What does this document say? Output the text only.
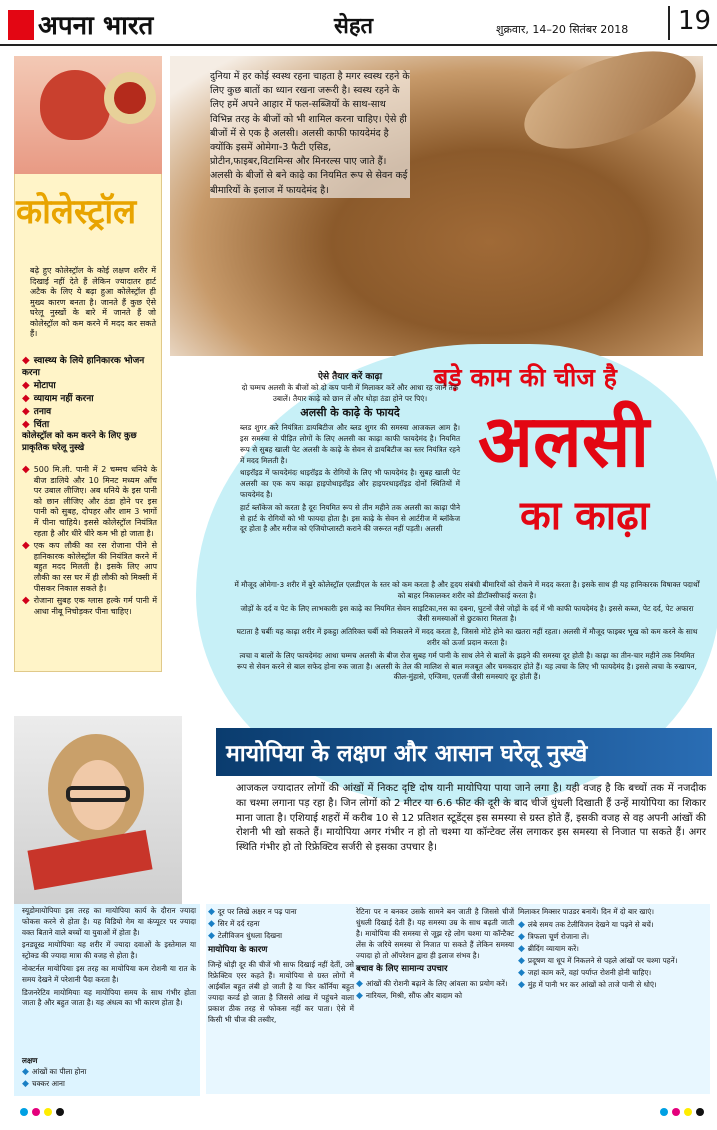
अपना भारत	सेहत	शुक्रवार, 14–20 सितंबर 2018	19
कोलेस्ट्रॉल
बढ़े हुए कोलेस्ट्रॉल के कोई लक्षण शरीर में दिखाई नहीं देते हैं लेकिन ज्यादातर हार्ट अटैक के लिए ये बढ़ा हुआ कोलेस्ट्रॉल ही मुख्य कारण बनता है। जानते हैं कुछ ऐसे घरेलू नुस्खों के बारे में जानते हैं जो कोलेस्ट्रॉल को कम करने में मदद कर सकते हैं।
◆ स्वास्थ्य के लिये हानिकारक भोजन करना
◆ मोटापा
◆ व्यायाम नहीं करना
◆ तनाव
◆ चिंता
कोलेस्ट्रॉल को कम करने के लिए कुछ प्राकृतिक घरेलू नुस्खे
◆ 500 मि.ली. पानी में 2 चम्मच धनिये के बीज डालिये और 10 मिनट मध्यम आँच पर उबाल लीजिए। अब धनिये के इस पानी को छान लीजिए और ठंडा होने पर इस पानी को सुबह, दोपहर और शाम 3 भागों में पीना चाहिये। इससे कोलेस्ट्रॉल नियंत्रित रहता है और धीरे धीरे कम भी हो जाता है।
◆ एक कप लौकी का रस रोजाना पीने से हानिकारक कोलेस्ट्रॉल की नियंत्रित करने में बहुत मदद मिलती है। इसके लिए आप लौकी का रस घर में ही लौकी को मिक्सी में पीसकर निकाल सकते है।
◆ रोजाना सुबह एक ग्लास हल्के गर्म पानी में आधा नीबू निचोड़कर पीना चाहिए।
दुनिया में हर कोई स्वस्थ रहना चाहता है मगर स्वस्थ रहने के लिए कुछ बातों का ध्यान रखना जरूरी है। स्वस्थ रहने के लिए हमें अपने आहार में फल-सब्जियों के साथ-साथ विभिन्न तरह के बीजों को भी शामिल करना चाहिए। ऐसे ही बीजों में से एक है अलसी। अलसी काफी फायदेमंद है क्योंकि इसमें ओमेगा-3 फैटी एसिड, प्रोटीन,फाइबर,विटामिन्स और मिनरल्स पाए जाते हैं। अलसी के बीजों से बने काढ़े का नियमित रूप से सेवन कई बीमारियों के इलाज में फायदेमंद है।
बड़े काम की चीज है
अलसी
का काढ़ा
ऐसे तैयार करें काढ़ा
दो चम्मच अलसी के बीजों को दो कप पानी में मिलाकर करें और आधा रह जाने तक उबालें। तैयार काढ़े को छान लें और थोड़ा ठंडा होने पर पिएं।
अलसी के काढ़े के फायदे
ब्लड शुगर करे नियंत्रितः डायबिटीज और ब्लड शुगर की समस्या आजकल आम है। इस समस्या से पीड़ित लोगों के लिए अलसी का काढ़ा काफी फायदेमंद है। नियमित रूप से सुबह खाली पेट अलसी के काढ़े के सेवन से डायबिटीज का स्तर नियंत्रित रहने में मदद मिलती है।
थाइरॉइड में फायदेमंदः थाइरॉइड के रोगियों के लिए भी फायदेमंद है। सुबह खाली पेट अलसी का एक कप काढ़ा हाइपोथाइरॉइड और हाइपरथाइरॉइड दोनों स्थितियों में फायदेमंद है।
हार्ट ब्लॉकेज को करता है दूरः नियमित रूप से तीन महीने तक अलसी का काढ़ा पीने से हार्ट के रोगियों को भी फायदा होता है। इस काढ़े के सेवन से आर्टरीज में ब्लॉकेज दूर होता है और मरीज को एंजियोप्लास्टी कराने की जरूरत नहीं पड़ती। अलसी
में मौजूद ओमेगा-3 शरीर में बुरे कोलेस्ट्रॉल एलडीएल के स्तर को कम करता है और हृदय संबंधी बीमारियों को रोकने में मदद करता है। इसके साथ ही यह हानिकारक विषाक्त पदार्थों को बाहर निकालकर शरीर को डीटॉक्सीफाई करता है।
जोड़ों के दर्द व पेट के लिए लाभकारीः इस काढ़े का नियमित सेवन साइटिका,नस का दबना, घुटनों जैसे जोड़ों के दर्द में भी काफी फायदेमंद है। इससे कब्ज, पेट दर्द, पेट अफारा जैसी समस्याओं से छुटकारा मिलता है।
घटाता है चर्बीः यह काढ़ा शरीर में इकट्ठा अतिरिक्त चर्बी को निकालने में मदद करता है, जिससे मोटे होने का खतरा नहीं रहता। अलसी में मौजूद फाइबर भूख को कम करने के साथ शरीर को ऊर्जा प्रदान करता है।
त्वचा व बालों के लिए फायदेमंदः आधा चम्मच अलसी के बीज रोज सुबह गर्म पानी के साथ लेने से बालों के झड़ने की समस्या दूर होती है। काढ़ा का तीन-चार महीने तक नियमित रूप से सेवन करने से बाल सफेद होना रुक जाता है। अलसी के तेल की मालिश से बाल मजबूत और चमकदार होते हैं। यह त्वचा के लिए भी फायदेमंद है। इससे त्वचा के रुखापन, कील-मुंहासे, एग्जिमा, एलर्जी जैसी समस्याएं दूर होती हैं।
मायोपिया के लक्षण और आसान घरेलू नुस्खे
आजकल ज्यादातर लोगों की आंखों में निकट दृष्टि दोष यानी मायोपिया पाया जाने लगा है। यही वजह है कि बच्चों तक में नजदीक का चश्मा लगाना पड़ रहा है। जिन लोगों को 2 मीटर या 6.6 फीट की दूरी के बाद चीजें धुंधली दिखाती हैं उन्हें मायोपिया का शिकार माना जाता है। एशियाई शहरों में करीब 10 से 12 प्रतिशत स्टूडेंट्स इस समस्या से ग्रस्त होते हैं, इसकी वजह से वह अपनी आंखों की रोशनी भी खो सकते हैं। मायोपिया अगर गंभीर न हो तो चश्मा या कॉन्टेक्ट लेंस लगाकर इस समस्या से निजात पा सकते हैं। अगर स्थिति गंभीर हो तो रिफ्रेक्टिव सर्जरी से इसका उपचार है।
स्यूडोमायोपियाः इस तरह का मायोपिया कार्य के दौरान ज्यादा फोकस करने से होता है। यह विडियो गेम या कंप्यूटर पर ज्यादा वक्त बिताने वाले बच्चों या युवाओं में होता है।
इनड्यूस्ड मायोपियाः यह शरीर में ज्यादा दवाओं के इस्तेमाल या स्ट्रोक्ड की ज्यादा मात्रा की वजह से होता है।
नोक्टर्नल मायोपियाः इस तरह का मायोपिया कम रोशनी या रात के समय देखने में परेशानी पैदा करता है।
डिजनरेटिव मायोमियाः यह मायोपिया समय के साथ गंभीर होता जाता है और बहुत जाता है। यह अंधत्व का भी कारण होता है।
लक्षण
◆ आंखों का पीला होना
◆ चक्कर आना
◆ दूर पर लिखे अक्षर न पढ़ पाना
◆ सिर में दर्द रहना
◆ टेलीविजन धुंधला दिखना
मायोपिया के कारण
जिन्हें थोड़ी दूर की चीजें भी साफ दिखाई नहीं देतीं, उसे रिफ्रेक्टिव एरर कहते हैं। मायोपिया से ग्रस्त लोगों में आईबॉल बहुत लंबी हो जाती है या फिर कॉर्निया बहुत ज्यादा कर्व्ड हो जाता है जिससे आंख में पहुंचने वाला प्रकाश ठीक तरह से फोकस नहीं कर पाता। ऐसे में किसी भी चीज की तस्वीर,
रेटिना पर न बनकर उसके सामने बन जाती है जिससे चीजें धुंधली दिखाई देती हैं। यह समस्या उम्र के साथ बढ़ती जाती है। मायोपिया की समस्या से जूझ रहे लोग चश्मा या कॉन्टैक्ट लेंस के जरिये समस्या से निजात पा सकते हैं लेकिन समस्या ज्यादा हो तो ऑपरेशन द्वारा ही इलाज संभव है।
बचाव के लिए सामान्य उपचार
◆ आंखों की रोशनी बढ़ाने के लिए आंवला का प्रयोग करें।
◆ नारियल, मिश्री, सौंफ और बादाम को
मिलाकर मिक्सर पाउडर बनायें। दिन में दो बार खाएं।
◆ लंबे समय तक टेलीविजन देखने या पढ़ने से बचें।
◆ त्रिफला चूर्ण रोजाना लें।
◆ ब्रीदिंग व्यायाम करें।
◆ प्रदूषण या धूप में निकलने से पहले आंखों पर चश्मा पहनें।
◆ जहां काम करें, वहां पर्याप्त रोशनी होनी चाहिए।
◆ मुंह में पानी भर कर आंखों को ताजे पानी से धोएं।
